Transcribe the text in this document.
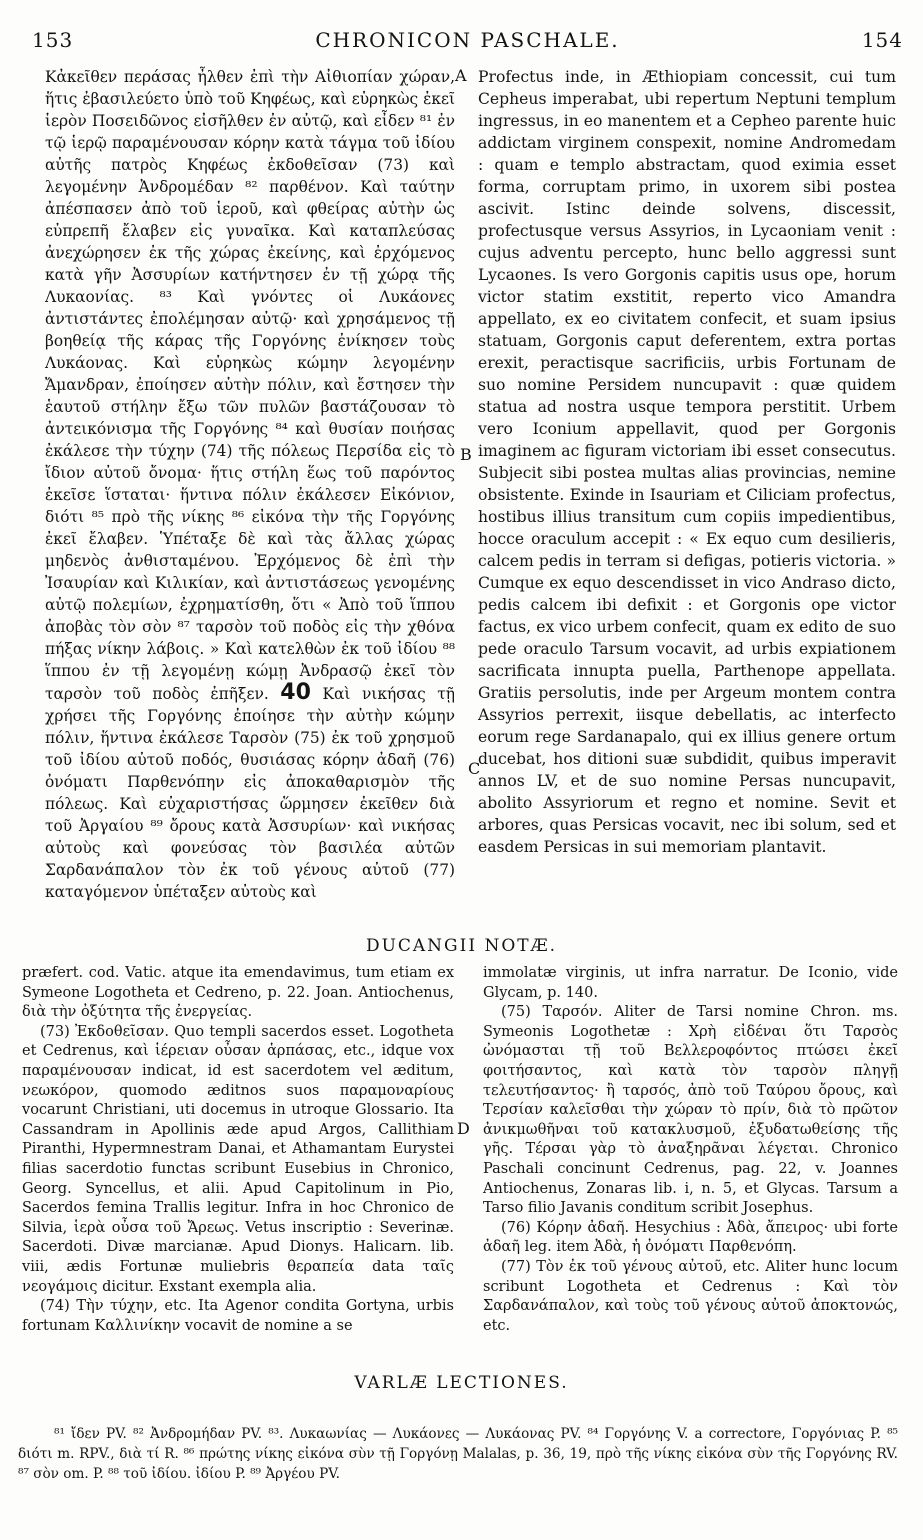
153	CHRONICON PASCHALE.	154

Κἀκεῖθεν περάσας ἦλθεν ἐπὶ τὴν Αἰθιοπίαν χώραν, ἥτις ἐβασιλεύετο ὑπὸ τοῦ Κηφέως, καὶ εὑρηκὼς ἐκεῖ ἱερὸν Ποσειδῶνος εἰσῆλθεν ἐν αὐτῷ, καὶ εἶδεν ⁸¹ ἐν τῷ ἱερῷ παραμένουσαν κόρην κατὰ τάγμα τοῦ ἰδίου αὐτῆς πατρὸς Κηφέως ἐκδοθεῖσαν (73) καὶ λεγομένην Ἀνδρομέδαν ⁸² παρθένον. Καὶ ταύτην ἀπέσπασεν ἀπὸ τοῦ ἱεροῦ, καὶ φθείρας αὐτὴν ὡς εὐπρεπῆ ἔλαβεν εἰς γυναῖκα. Καὶ καταπλεύσας ἀνεχώρησεν ἐκ τῆς χώρας ἐκείνης, καὶ ἐρχόμενος κατὰ γῆν Ἀσσυρίων κατήντησεν ἐν τῇ χώρᾳ τῆς Λυκαονίας. ⁸³ Καὶ γνόντες οἱ Λυκάονες ἀντιστάντες ἐπολέμησαν αὐτῷ· καὶ χρησάμενος τῇ βοηθείᾳ τῆς κάρας τῆς Γοργόνης ἐνίκησεν τοὺς Λυκάονας. Καὶ εὑρηκὼς κώμην λεγομένην Ἄμανδραν, ἐποίησεν αὐτὴν πόλιν, καὶ ἔστησεν τὴν ἑαυτοῦ στήλην ἔξω τῶν πυλῶν βαστάζουσαν τὸ ἀντεικόνισμα τῆς Γοργόνης ⁸⁴ καὶ θυσίαν ποιήσας ἐκάλεσε τὴν τύχην (74) τῆς πόλεως Περσίδα εἰς τὸ ἴδιον αὐτοῦ ὄνομα· ἥτις στήλη ἕως τοῦ παρόντος ἐκεῖσε ἵσταται· ἥντινα πόλιν ἐκάλεσεν Εἰκόνιον, διότι ⁸⁵ πρὸ τῆς νίκης ⁸⁶ εἰκόνα τὴν τῆς Γοργόνης ἐκεῖ ἔλαβεν. Ὑπέταξε δὲ καὶ τὰς ἄλλας χώρας μηδενὸς ἀνθισταμένου. Ἐρχόμενος δὲ ἐπὶ τὴν Ἰσαυρίαν καὶ Κιλικίαν, καὶ ἀντιστάσεως γενομένης αὐτῷ πολεμίων, ἐχρηματίσθη, ὅτι « Ἀπὸ τοῦ ἵππου ἀποβὰς τὸν σὸν ⁸⁷ ταρσὸν τοῦ ποδὸς εἰς τὴν χθόνα πήξας νίκην λάβοις. » Καὶ κατελθὼν ἐκ τοῦ ἰδίου ⁸⁸ ἵππου ἐν τῇ λεγομένῃ κώμῃ Ἀνδρασῷ ἐκεῖ τὸν ταρσὸν τοῦ ποδὸς ἐπῆξεν. 40 Καὶ νικήσας τῇ χρήσει τῆς Γοργόνης ἐποίησε τὴν αὐτὴν κώμην πόλιν, ἥντινα ἐκάλεσε Ταρσὸν (75) ἐκ τοῦ χρησμοῦ τοῦ ἰδίου αὐτοῦ ποδός, θυσιάσας κόρην ἀδαῆ (76) ὀνόματι Παρθενόπην εἰς ἀποκαθαρισμὸν τῆς πόλεως. Καὶ εὐχαριστήσας ὥρμησεν ἐκεῖθεν διὰ τοῦ Ἀργαίου ⁸⁹ ὄρους κατὰ Ἀσσυρίων· καὶ νικήσας αὐτοὺς καὶ φονεύσας τὸν βασιλέα αὐτῶν Σαρδανάπαλον τὸν ἐκ τοῦ γένους αὐτοῦ (77) καταγόμενον ὑπέταξεν αὐτοὺς καὶ

A
B
C
D

Profectus inde, in Æthiopiam concessit, cui tum Cepheus imperabat, ubi repertum Neptuni templum ingressus, in eo manentem et a Cepheo parente huic addictam virginem conspexit, nomine Andromedam : quam e templo abstractam, quod eximia esset forma, corruptam primo, in uxorem sibi postea ascivit. Istinc deinde solvens, discessit, profectusque versus Assyrios, in Lycaoniam venit : cujus adventu percepto, hunc bello aggressi sunt Lycaones. Is vero Gorgonis capitis usus ope, horum victor statim exstitit, reperto vico Amandra appellato, ex eo civitatem confecit, et suam ipsius statuam, Gorgonis caput deferentem, extra portas erexit, peractisque sacrificiis, urbis Fortunam de suo nomine Persidem nuncupavit : quæ quidem statua ad nostra usque tempora perstitit. Urbem vero Iconium appellavit, quod per Gorgonis imaginem ac figuram victoriam ibi esset consecutus. Subjecit sibi postea multas alias provincias, nemine obsistente. Exinde in Isauriam et Ciliciam profectus, hostibus illius transitum cum copiis impedientibus, hocce oraculum accepit : « Ex equo cum desilieris, calcem pedis in terram si defigas, potieris victoria. » Cumque ex equo descendisset in vico Andraso dicto, pedis calcem ibi defixit : et Gorgonis ope victor factus, ex vico urbem confecit, quam ex edito de suo pede oraculo Tarsum vocavit, ad urbis expiationem sacrificata innupta puella, Parthenope appellata. Gratiis persolutis, inde per Argeum montem contra Assyrios perrexit, iisque debellatis, ac interfecto eorum rege Sardanapalo, qui ex illius genere ortum ducebat, hos ditioni suæ subdidit, quibus imperavit annos LV, et de suo nomine Persas nuncupavit, abolito Assyriorum et regno et nomine. Sevit et arbores, quas Persicas vocavit, nec ibi solum, sed et easdem Persicas in sui memoriam plantavit.

DUCANGII NOTÆ.

præfert. cod. Vatic. atque ita emendavimus, tum etiam ex Symeone Logotheta et Cedreno, p. 22. Joan. Antiochenus, διὰ τὴν ὀξύτητα τῆς ἐνεργείας.

(73) Ἐκδοθεῖσαν. Quo templi sacerdos esset. Logotheta et Cedrenus, καὶ ἱέρειαν οὖσαν ἁρπάσας, etc., idque vox παραμένουσαν indicat, id est sacerdotem vel æditum, νεωκόρον, quomodo æditnos suos παραμοναρίους vocarunt Christiani, uti docemus in utroque Glossario. Ita Cassandram in Apollinis æde apud Argos, Callithiam Piranthi, Hypermnestram Danai, et Athamantam Eurystei filias sacerdotio functas scribunt Eusebius in Chronico, Georg. Syncellus, et alii. Apud Capitolinum in Pio, Sacerdos femina Trallis legitur. Infra in hoc Chronico de Silvia, ἱερὰ οὖσα τοῦ Ἄρεως. Vetus inscriptio : Severinæ. Sacerdoti. Divæ marcianæ. Apud Dionys. Halicarn. lib. viii, ædis Fortunæ muliebris θεραπεία data ταῖς νεογάμοις dicitur. Exstant exempla alia.

(74) Τὴν τύχην, etc. Ita Agenor condita Gortyna, urbis fortunam Καλλινίκην vocavit de nomine a se

immolatæ virginis, ut infra narratur. De Iconio, vide Glycam, p. 140.

(75) Ταρσόν. Aliter de Tarsi nomine Chron. ms. Symeonis Logothetæ : Χρὴ εἰδέναι ὅτι Ταρσὸς ὠνόμασται τῇ τοῦ Βελλεροφόντος πτώσει ἐκεῖ φοιτήσαντος, καὶ κατὰ τὸν ταρσὸν πληγῇ τελευτήσαντος· ἢ ταρσός, ἀπὸ τοῦ Ταύρου ὄρους, καὶ Τερσίαν καλεῖσθαι τὴν χώραν τὸ πρίν, διὰ τὸ πρῶτον ἀνικμωθῆναι τοῦ κατακλυσμοῦ, ἐξυδατωθείσης τῆς γῆς. Τέρσαι γὰρ τὸ ἀναξηρᾶναι λέγεται. Chronico Paschali concinunt Cedrenus, pag. 22, v. Joannes Antiochenus, Zonaras lib. i, n. 5, et Glycas. Tarsum a Tarso filio Javanis conditum scribit Josephus.

(76) Κόρην ἀδαῆ. Hesychius : Ἀδὰ, ἄπειρος· ubi forte ἀδαῆ leg. item Ἀδὰ, ἡ ὀνόματι Παρθενόπη.

(77) Τὸν ἐκ τοῦ γένους αὐτοῦ, etc. Aliter hunc locum scribunt Logotheta et Cedrenus : Καὶ τὸν Σαρδανάπαλον, καὶ τοὺς τοῦ γένους αὐτοῦ ἀποκτονώς, etc.

VARLÆ LECTIONES.

⁸¹ ἴδεν PV. ⁸² Ἀνδρομήδαν PV. ⁸³. Λυκαωνίας — Λυκάονες — Λυκάονας PV. ⁸⁴ Γοργόνης V. a correctore, Γοργόνιας P. ⁸⁵ διότι m. RPV., διὰ τί R. ⁸⁶ πρώτης νίκης εἰκόνα σὺν τῇ Γοργόνῃ Malalas, p. 36, 19, πρὸ τῆς νίκης εἰκόνα σὺν τῆς Γοργόνης RV. ⁸⁷ σὸν om. P. ⁸⁸ τοῦ ἰδίου. ἰδίου P. ⁸⁹ Ἀργέου PV.
